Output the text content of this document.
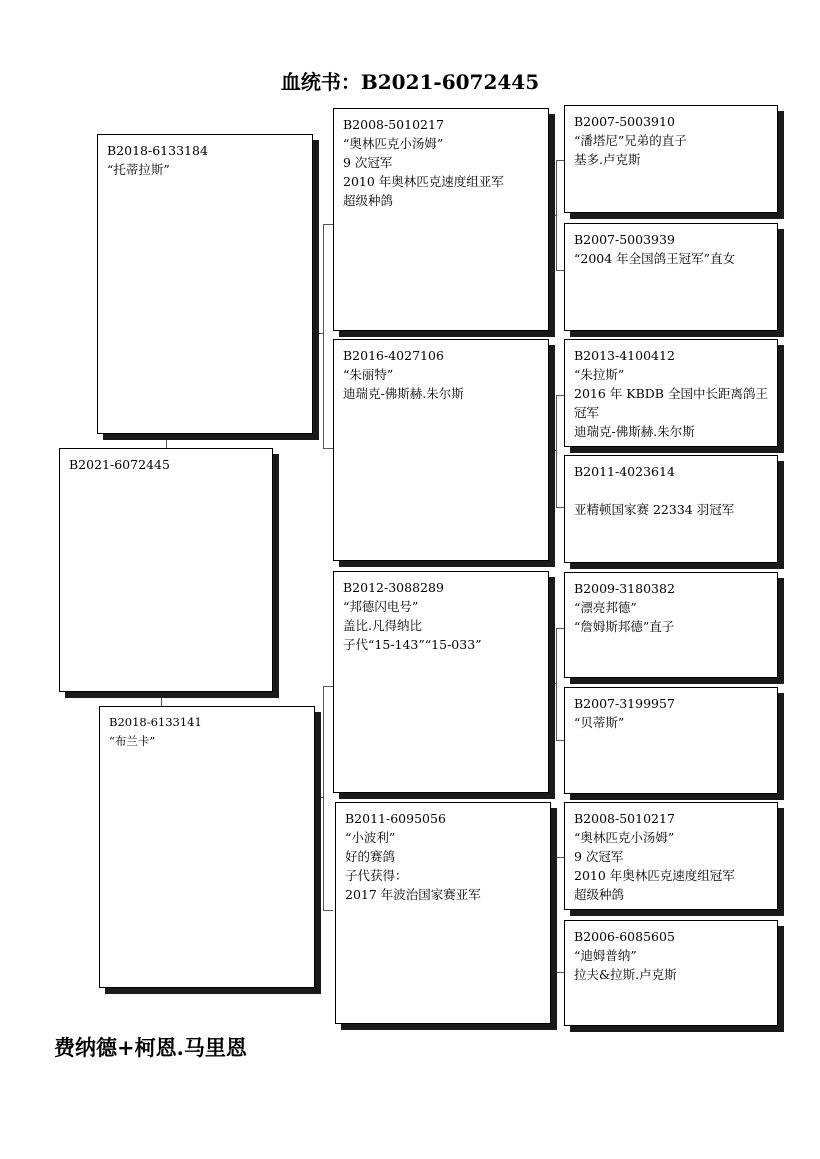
血统书：B2021-6072445
B2021-6072445
B2018-6133184
“托蒂拉斯”
B2018-6133141
“布兰卡”
B2008-5010217
“奥林匹克小汤姆”
9 次冠军
2010 年奥林匹克速度组亚军
超级种鸽
B2016-4027106
“朱丽特”
迪瑞克-佛斯赫.朱尔斯
B2012-3088289
“邦德闪电号”
盖比.凡得纳比
子代“15-143”“15-033”
B2011-6095056
“小波利”
好的赛鸽
子代获得：
2017 年波治国家赛亚军
B2007-5003910
“潘塔尼”兄弟的直子
基多.卢克斯
B2007-5003939
“2004 年全国鸽王冠军”直女
B2013-4100412
“朱拉斯”
2016 年 KBDB 全国中长距离鸽王冠军
迪瑞克-佛斯赫.朱尔斯
B2011-4023614
亚精顿国家赛 22334 羽冠军
B2009-3180382
“漂亮邦德”
“詹姆斯邦德”直子
B2007-3199957
“贝蒂斯”
B2008-5010217
“奥林匹克小汤姆”
9 次冠军
2010 年奥林匹克速度组冠军
超级种鸽
B2006-6085605
“迪姆普纳”
拉夫&拉斯.卢克斯
费纳德+柯恩.马里恩
